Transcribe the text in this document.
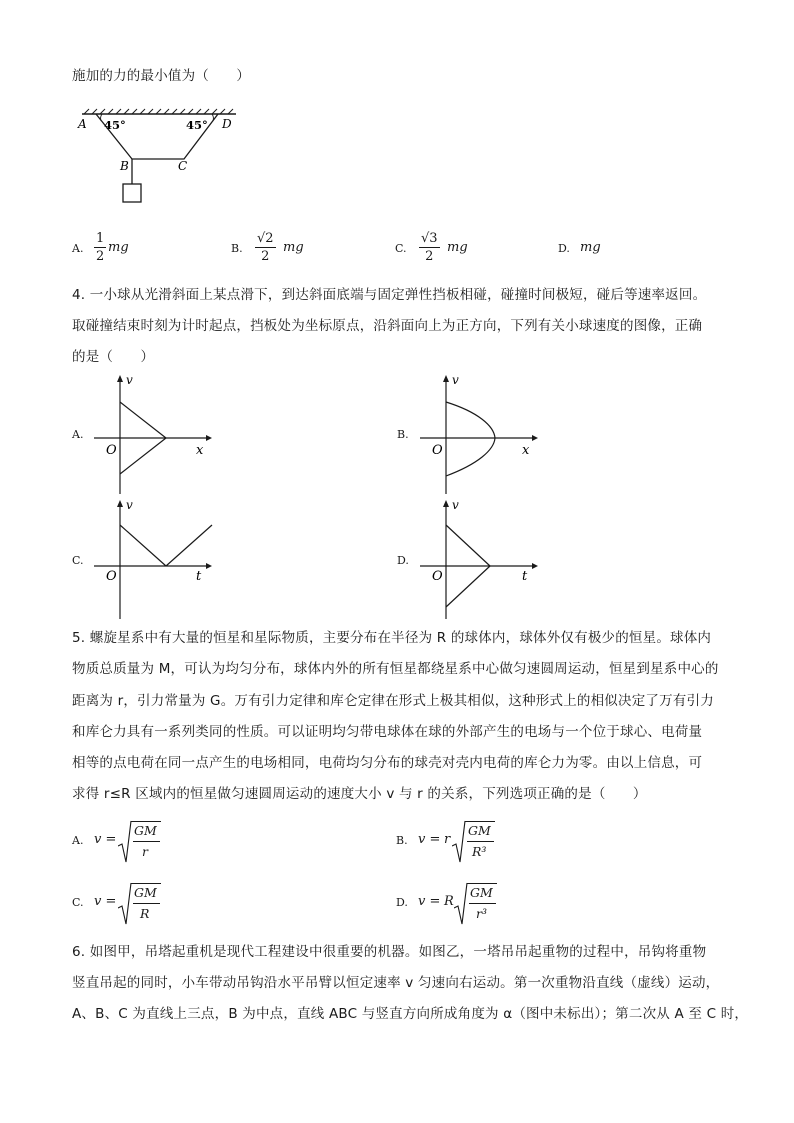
施加的力的最小值为（　　）
A	D
B	C
45°	45°
A. $\frac{1}{2}$ mg	B. $\frac{√2}{2}$ mg	C. $\frac{√3}{2}$ mg	D. mg
4. 一小球从光滑斜面上某点滑下，到达斜面底端与固定弹性挡板相碰，碰撞时间极短，碰后等速率返回。
取碰撞结束时刻为计时起点，挡板处为坐标原点，沿斜面向上为正方向，下列有关小球速度的图像，正确
的是（　　）
A.
v
x
O
B.
v
x
O
C.
v
t
O
D.
v
t
O
5. 螺旋星系中有大量的恒星和星际物质，主要分布在半径为 R 的球体内，球体外仅有极少的恒星。球体内
物质总质量为 M，可认为均匀分布，球体内外的所有恒星都绕星系中心做匀速圆周运动，恒星到星系中心的
距离为 r，引力常量为 G。万有引力定律和库仑定律在形式上极其相似，这种形式上的相似决定了万有引力
和库仑力具有一系列类同的性质。可以证明均匀带电球体在球的外部产生的电场与一个位于球心、电荷量
相等的点电荷在同一点产生的电场相同，电荷均匀分布的球壳对壳内电荷的库仑力为零。由以上信息，可
求得 r≤R 区域内的恒星做匀速圆周运动的速度大小 v 与 r 的关系，下列选项正确的是（　　）
A. v =
GM
r
B. v = r
GM
R³
C. v =
GM
R
D. v = R
GM
r³
6. 如图甲，吊塔起重机是现代工程建设中很重要的机器。如图乙，一塔吊吊起重物的过程中，吊钩将重物
竖直吊起的同时，小车带动吊钩沿水平吊臂以恒定速率 v 匀速向右运动。第一次重物沿直线（虚线）运动，
A、B、C 为直线上三点，B 为中点，直线 ABC 与竖直方向所成角度为 α（图中未标出）；第二次从 A 至 C 时，
